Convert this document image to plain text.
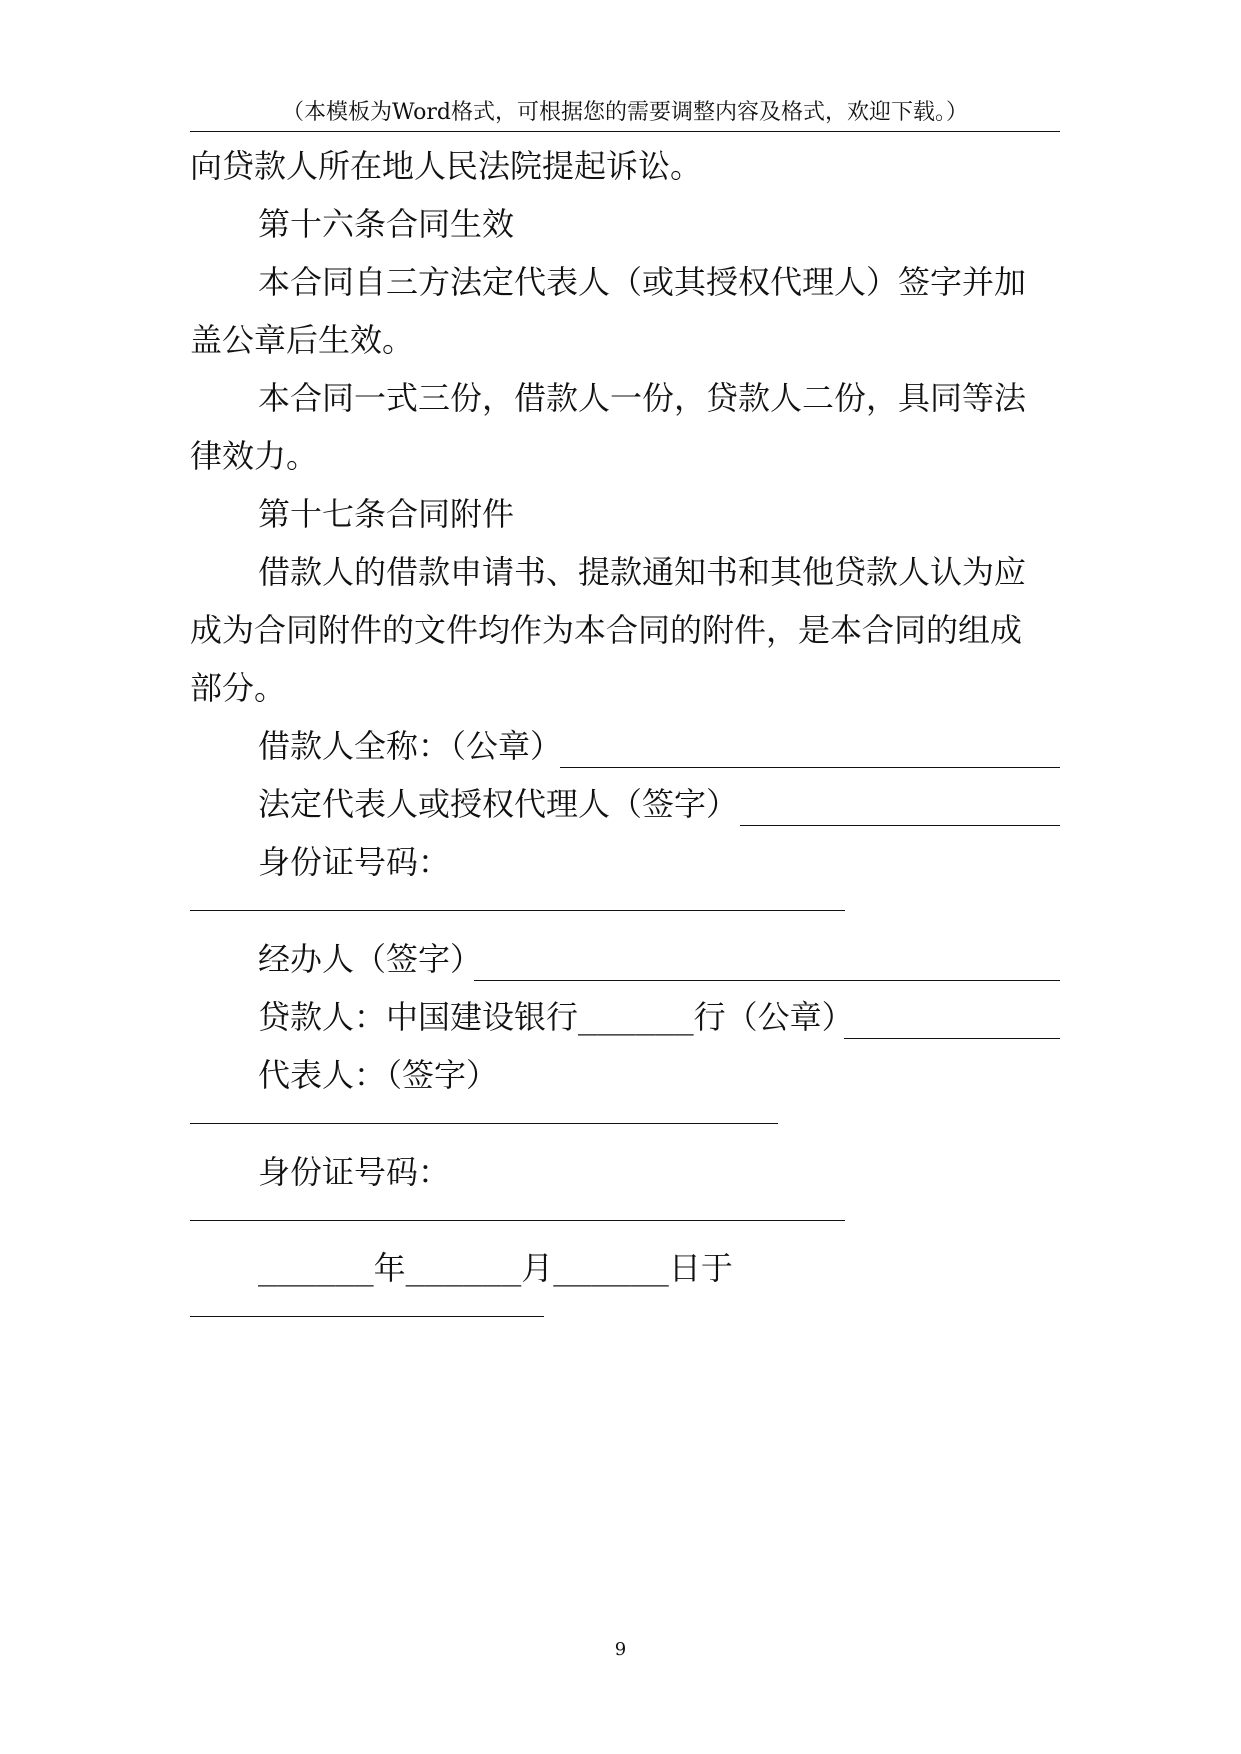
（本模板为Word格式，可根据您的需要调整内容及格式，欢迎下载。）
向贷款人所在地人民法院提起诉讼。
第十六条合同生效
本合同自三方法定代表人（或其授权代理人）签字并加
盖公章后生效。
本合同一式三份，借款人一份，贷款人二份，具同等法
律效力。
第十七条合同附件
借款人的借款申请书、提款通知书和其他贷款人认为应
成为合同附件的文件均作为本合同的附件，是本合同的组成
部分。
借款人全称：（公章）
法定代表人或授权代理人（签字）
身份证号码：
经办人（签字）
贷款人：中国建设银行______行（公章）
代表人：（签字）
身份证号码：
______年______月______日于
9
